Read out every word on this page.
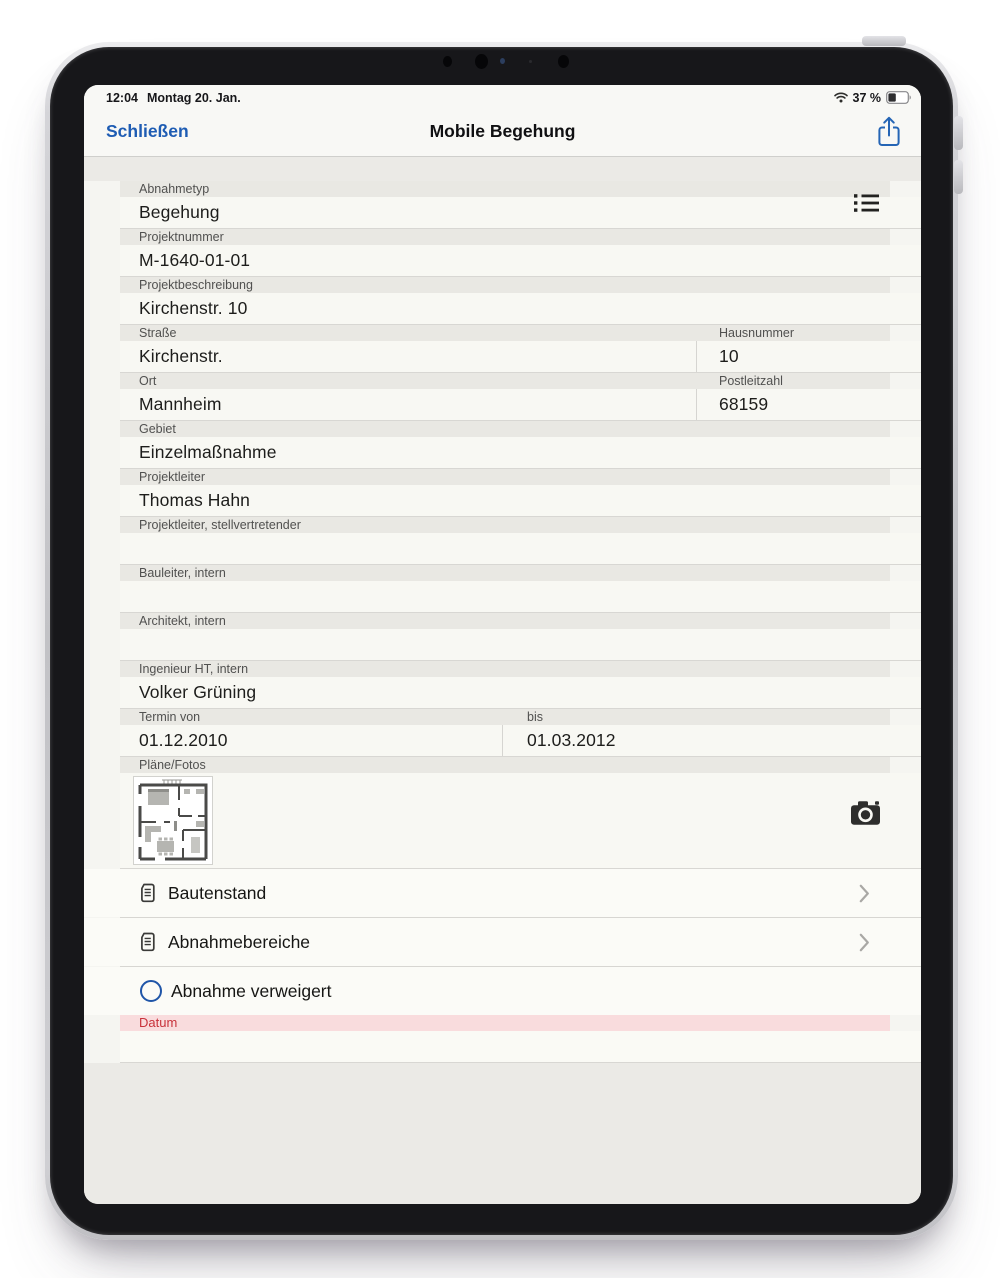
12:04 Montag 20. Jan.	37 %
Schließen	Mobile Begehung
Abnahmetyp
Begehung
Projektnummer
M-1640-01-01
Projektbeschreibung
Kirchenstr. 10
Straße
Kirchenstr.
Hausnummer
10
Ort
Mannheim
Postleitzahl
68159
Gebiet
Einzelmaßnahme
Projektleiter
Thomas Hahn
Projektleiter, stellvertretender
Bauleiter, intern
Architekt, intern
Ingenieur HT, intern
Volker Grüning
Termin von
01.12.2010
bis
01.03.2012
Pläne/Fotos
Bautenstand
Abnahmebereiche
Abnahme verweigert
Datum
